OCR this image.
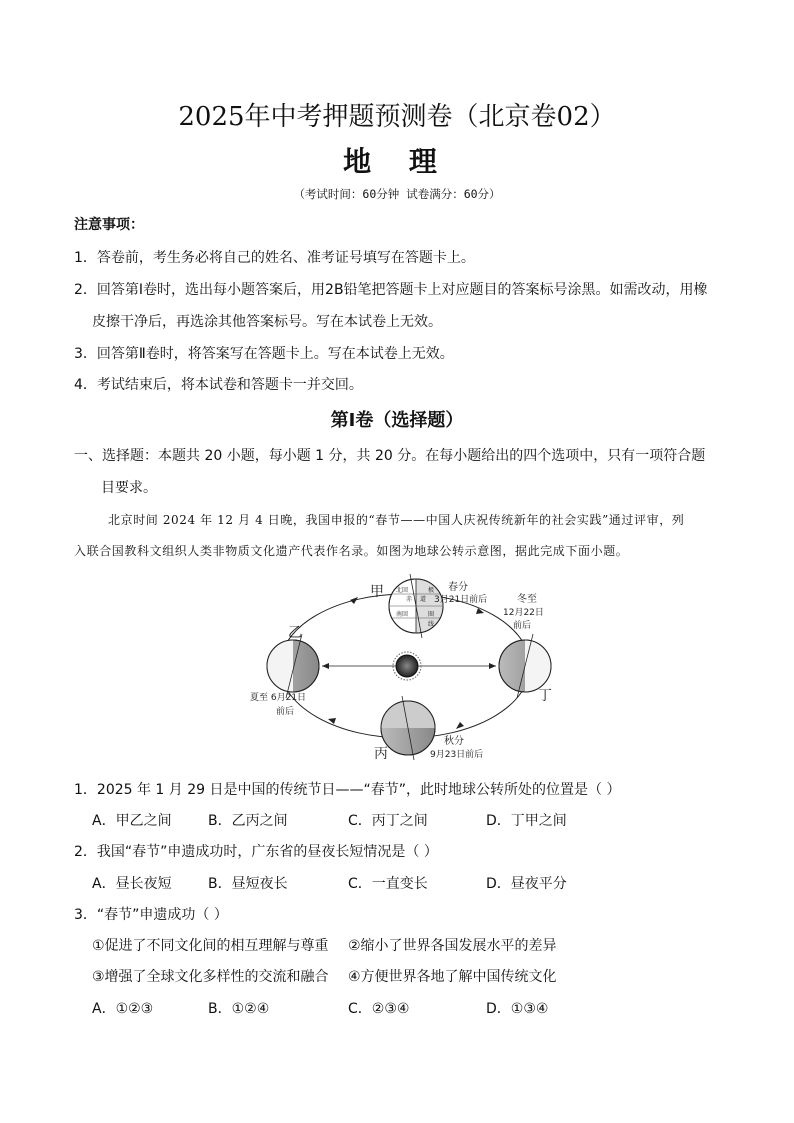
2025年中考押题预测卷（北京卷02）
地 理
（考试时间：60分钟 试卷满分：60分）
注意事项：
1．答卷前，考生务必将自己的姓名、准考证号填写在答题卡上。
2．回答第Ⅰ卷时，选出每小题答案后，用2B铅笔把答题卡上对应题目的答案标号涂黑。如需改动，用橡
皮擦干净后，再选涂其他答案标号。写在本试卷上无效。
3．回答第Ⅱ卷时，将答案写在答题卡上。写在本试卷上无效。
4．考试结束后，将本试卷和答题卡一并交回。
第Ⅰ卷（选择题）
一、选择题：本题共 20 小题，每小题 1 分，共 20 分。在每小题给出的四个选项中，只有一项符合题
目要求。
北京时间 2024 年 12 月 4 日晚，我国申报的“春节——中国人庆祝传统新年的社会实践”通过评审，列
入联合国教科文组织人类非物质文化遗产代表作名录。如图为地球公转示意图，据此完成下面小题。
北回
赤 道
南回
极
圈
线
甲	春分
3月21日前后
乙
夏至 6月21日
前后
丁
冬至
12月22日
前后
丙
秋分
9月23日前后
1．2025 年 1 月 29 日是中国的传统节日——“春节”，此时地球公转所处的位置是（ ）
A．甲乙之间	B．乙丙之间	C．丙丁之间	D．丁甲之间
2．我国“春节”申遗成功时，广东省的昼夜长短情况是（ ）
A．昼长夜短	B．昼短夜长	C．一直变长	D．昼夜平分
3．“春节”申遗成功（ ）
①促进了不同文化间的相互理解与尊重 ②缩小了世界各国发展水平的差异
③增强了全球文化多样性的交流和融合 ④方便世界各地了解中国传统文化
A．①②③	B．①②④	C．②③④	D．①③④
